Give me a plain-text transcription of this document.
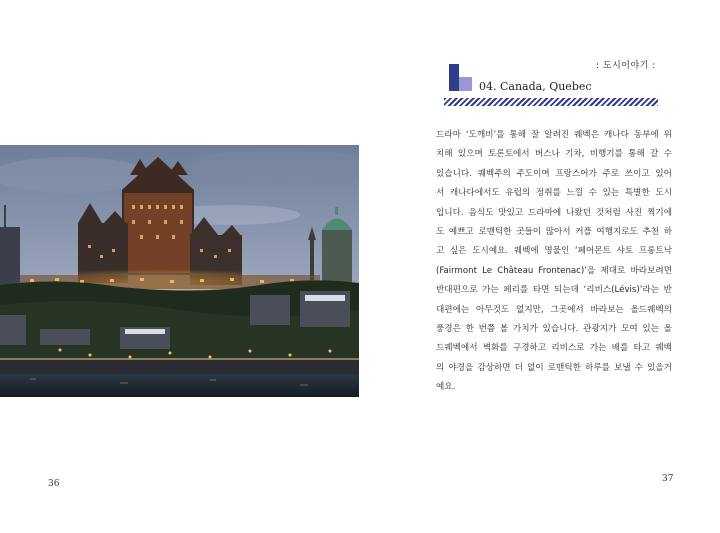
36
: 도시이야기 :
04. Canada, Quebec
드라마 ‘도깨비’를 통해 잘 알려진 퀘벡은 캐나다 동부에 위
치해 있으며 토론토에서 버스나 기차, 비행기를 통해 갈 수
있습니다. 퀘벡주의 주도이며 프랑스어가 주로 쓰이고 있어
서 캐나다에서도 유럽의 정취를 느낄 수 있는 특별한 도시
입니다. 음식도 맛있고 드라마에 나왔던 것처럼 사진 찍기에
도 예쁘고 로맨틱한 곳들이 많아서 커플 여행지로도 추천 하
고 싶은 도시예요. 퀘벡에 명물인 ‘페어몬트 샤토 프롱트낙
(Fairmont Le Château Frontenac)’을 제대로 바라보려면
반대편으로 가는 페리를 타면 되는데 ‘리비스(Lévis)’라는 반
대편에는 아무것도 없지만, 그곳에서 바라보는 올드퀘벡의
풍경은 한 번쯤 볼 가치가 있습니다. 관광지가 모여 있는 올
드퀘벡에서 벽화를 구경하고 리비스로 가는 배를 타고 퀘백
의 야경을 감상하면 더 없이 로맨틱한 하루를 보낼 수 있을거
예요.
37
